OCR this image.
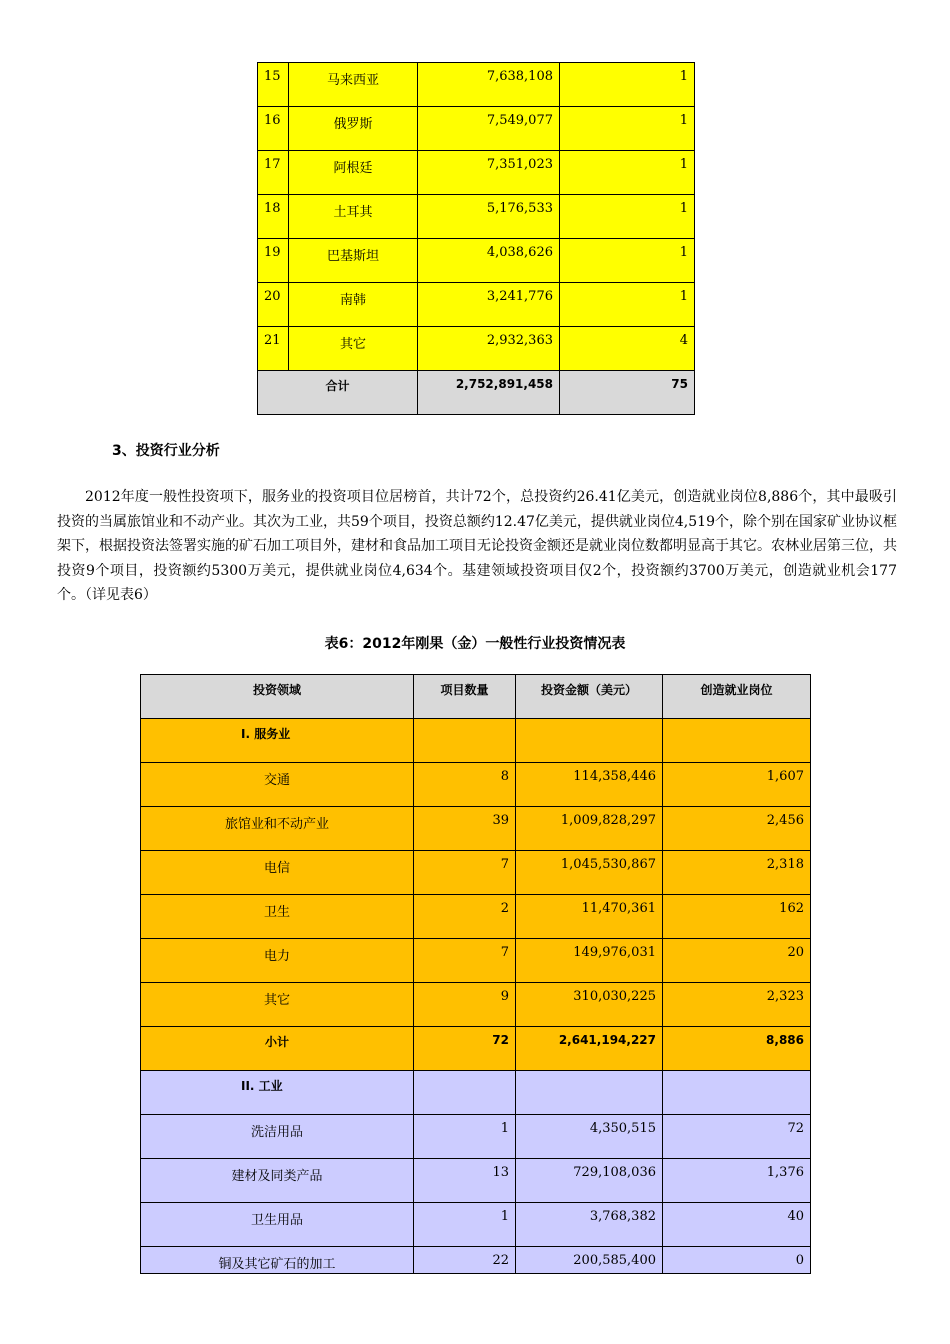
15	马来西亚	7,638,108	1
16	俄罗斯	7,549,077	1
17	阿根廷	7,351,023	1
18	土耳其	5,176,533	1
19	巴基斯坦	4,038,626	1
20	南韩	3,241,776	1
21	其它	2,932,363	4
合计		2,752,891,458	75
3、投资行业分析

2012年度一般性投资项下，服务业的投资项目位居榜首，共计72个，总投资约26.41亿美元，创造就业岗位8,886个，其中最吸引投资的当属旅馆业和不动产业。其次为工业，共59个项目，投资总额约12.47亿美元，提供就业岗位4,519个，除个别在国家矿业协议框架下，根据投资法签署实施的矿石加工项目外，建材和食品加工项目无论投资金额还是就业岗位数都明显高于其它。农林业居第三位，共投资9个项目，投资额约5300万美元，提供就业岗位4,634个。基建领域投资项目仅2个，投资额约3700万美元，创造就业机会177个。（详见表6）

表6：2012年刚果（金）一般性行业投资情况表

投资领域	项目数量	投资金额（美元）	创造就业岗位
I. 服务业			
交通	8	114,358,446	1,607
旅馆业和不动产业	39	1,009,828,297	2,456
电信	7	1,045,530,867	2,318
卫生	2	11,470,361	162
电力	7	149,976,031	20
其它	9	310,030,225	2,323
小计	72	2,641,194,227	8,886
II. 工业			
洗洁用品	1	4,350,515	72
建材及同类产品	13	729,108,036	1,376
卫生用品	1	3,768,382	40
铜及其它矿石的加工	22	200,585,400	0
